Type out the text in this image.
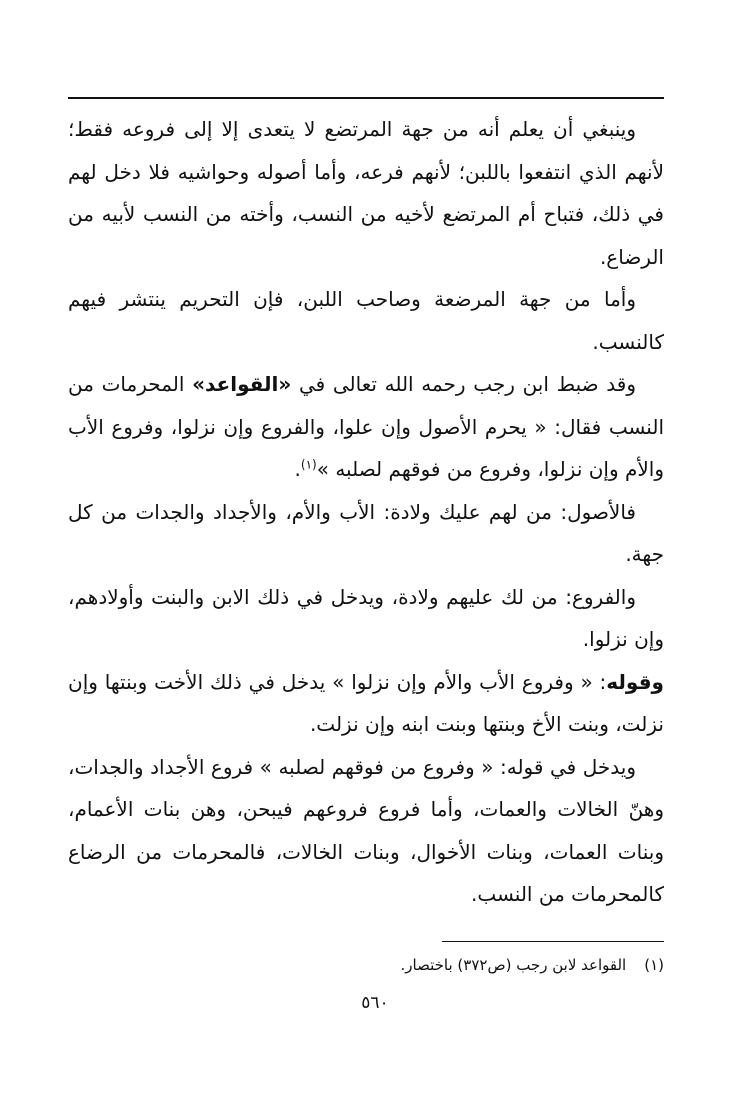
وينبغي أن يعلم أنه من جهة المرتضع لا يتعدى إلا إلى فروعه فقط؛ لأنهم الذي انتفعوا باللبن؛ لأنهم فرعه، وأما أصوله وحواشيه فلا دخل لهم في ذلك، فتباح أم المرتضع لأخيه من النسب، وأخته من النسب لأبيه من الرضاع.

وأما من جهة المرضعة وصاحب اللبن، فإن التحريم ينتشر فيهم كالنسب.

وقد ضبط ابن رجب رحمه الله تعالى في «القواعد» المحرمات من النسب فقال: « يحرم الأصول وإن علوا، والفروع وإن نزلوا، وفروع الأب والأم وإن نزلوا، وفروع من فوقهم لصلبه »$^{(١)}$.

فالأصول: من لهم عليك ولادة: الأب والأم، والأجداد والجدات من كل جهة.

والفروع: من لك عليهم ولادة، ويدخل في ذلك الابن والبنت وأولادهم، وإن نزلوا.

وقوله: « وفروع الأب والأم وإن نزلوا » يدخل في ذلك الأخت وبنتها وإن نزلت، وبنت الأخ وبنتها وبنت ابنه وإن نزلت.

ويدخل في قوله: « وفروع من فوقهم لصلبه » فروع الأجداد والجدات، وهنّ الخالات والعمات، وأما فروع فروعهم فيبحن، وهن بنات الأعمام، وبنات العمات، وبنات الأخوال، وبنات الخالات، فالمحرمات من الرضاع كالمحرمات من النسب.

(١)القواعد لابن رجب (ص٣٧٢) باختصار.
٥٦٠
